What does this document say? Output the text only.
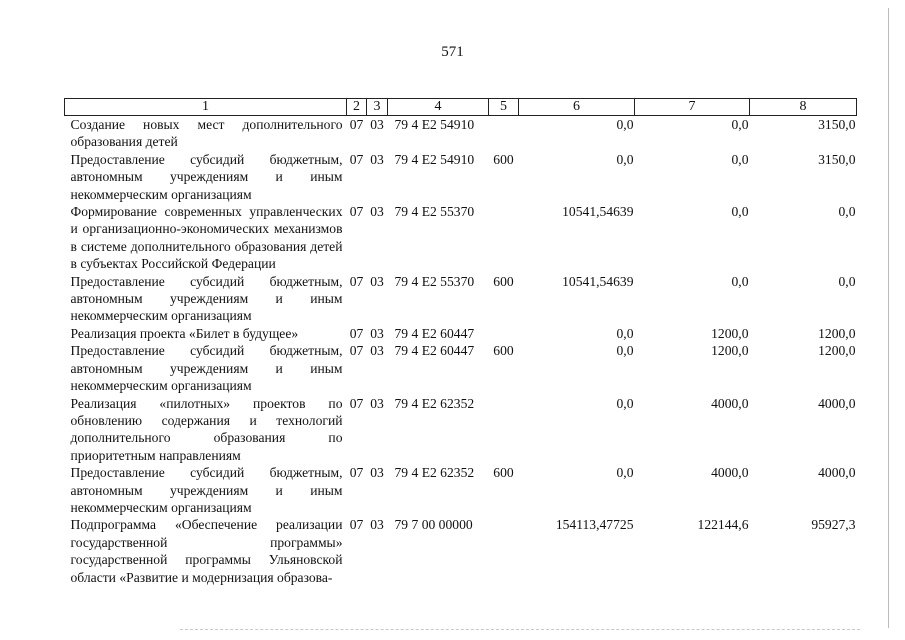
571
1	2	3	4	5	6	7	8
Создание новых мест дополнительного образования детей	07	03	79 4 E2 54910		0,0	0,0	3150,0
Предоставление субсидий бюджетным, автономным учреждениям и иным некоммерческим организациям	07	03	79 4 E2 54910	600	0,0	0,0	3150,0
Формирование современных управленческих и организационно-экономических механизмов в системе дополнительного образования детей в субъектах Российской Федерации	07	03	79 4 E2 55370		10541,54639	0,0	0,0
Предоставление субсидий бюджетным, автономным учреждениям и иным некоммерческим организациям	07	03	79 4 E2 55370	600	10541,54639	0,0	0,0
Реализация проекта «Билет в будущее»	07	03	79 4 E2 60447		0,0	1200,0	1200,0
Предоставление субсидий бюджетным, автономным учреждениям и иным некоммерческим организациям	07	03	79 4 E2 60447	600	0,0	1200,0	1200,0
Реализация «пилотных» проектов по обновлению содержания и технологий дополнительного образования по приоритетным направлениям	07	03	79 4 E2 62352		0,0	4000,0	4000,0
Предоставление субсидий бюджетным, автономным учреждениям и иным некоммерческим организациям	07	03	79 4 E2 62352	600	0,0	4000,0	4000,0
Подпрограмма «Обеспечение реализации государственной программы» государственной программы Ульяновской области «Развитие и модернизация образова-	07	03	79 7 00 00000		154113,47725	122144,6	95927,3
